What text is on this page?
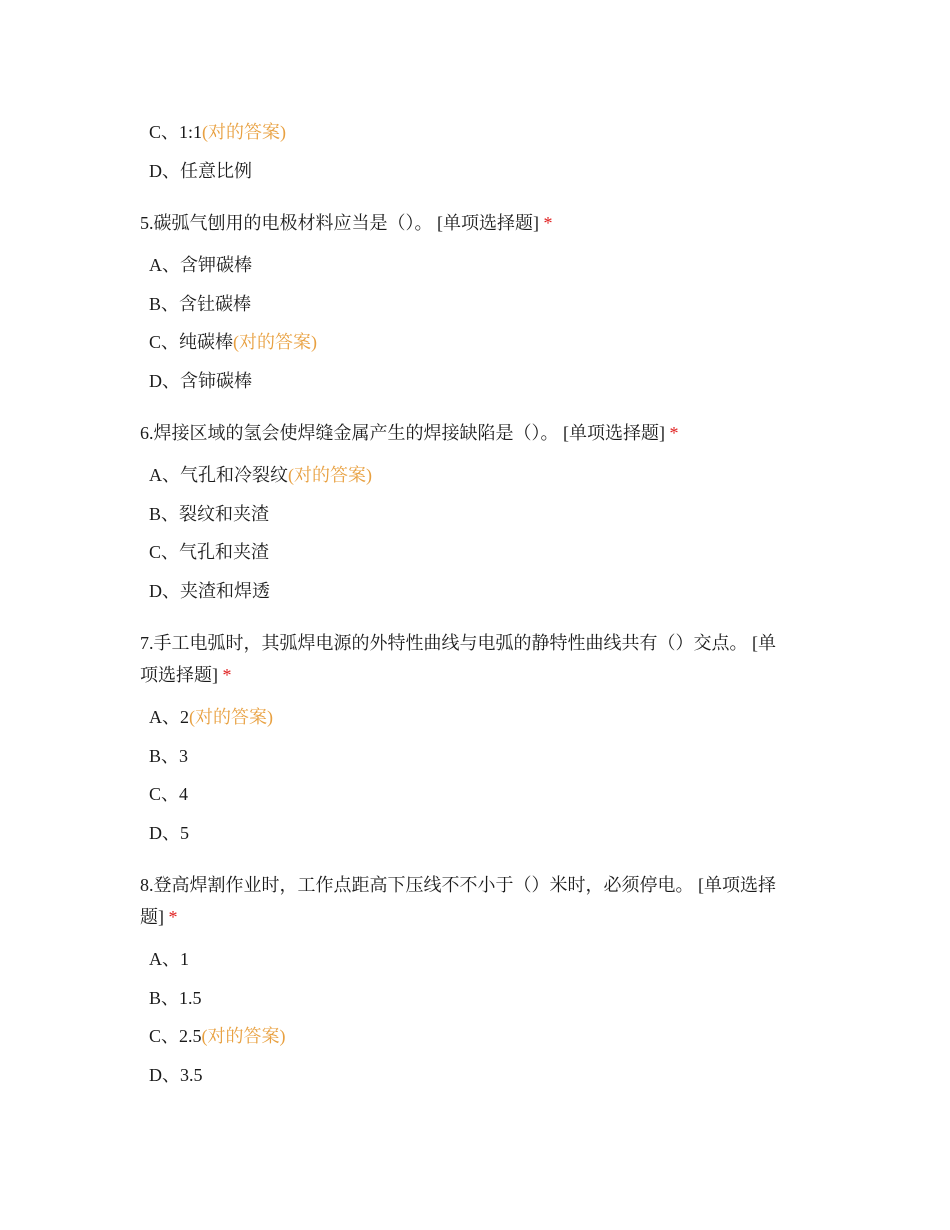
C、1:1(对的答案)
D、任意比例
5.碳弧气刨用的电极材料应当是（）。 [单项选择题] *
A、含钾碳棒
B、含钍碳棒
C、纯碳棒(对的答案)
D、含铈碳棒
6.焊接区域的氢会使焊缝金属产生的焊接缺陷是（）。 [单项选择题] *
A、气孔和冷裂纹(对的答案)
B、裂纹和夹渣
C、气孔和夹渣
D、夹渣和焊透
7.手工电弧时，其弧焊电源的外特性曲线与电弧的静特性曲线共有（）交点。 [单
项选择题] *
A、2(对的答案)
B、3
C、4
D、5
8.登高焊割作业时，工作点距高下压线不不小于（）米时，必须停电。 [单项选择
题] *
A、1
B、1.5
C、2.5(对的答案)
D、3.5
